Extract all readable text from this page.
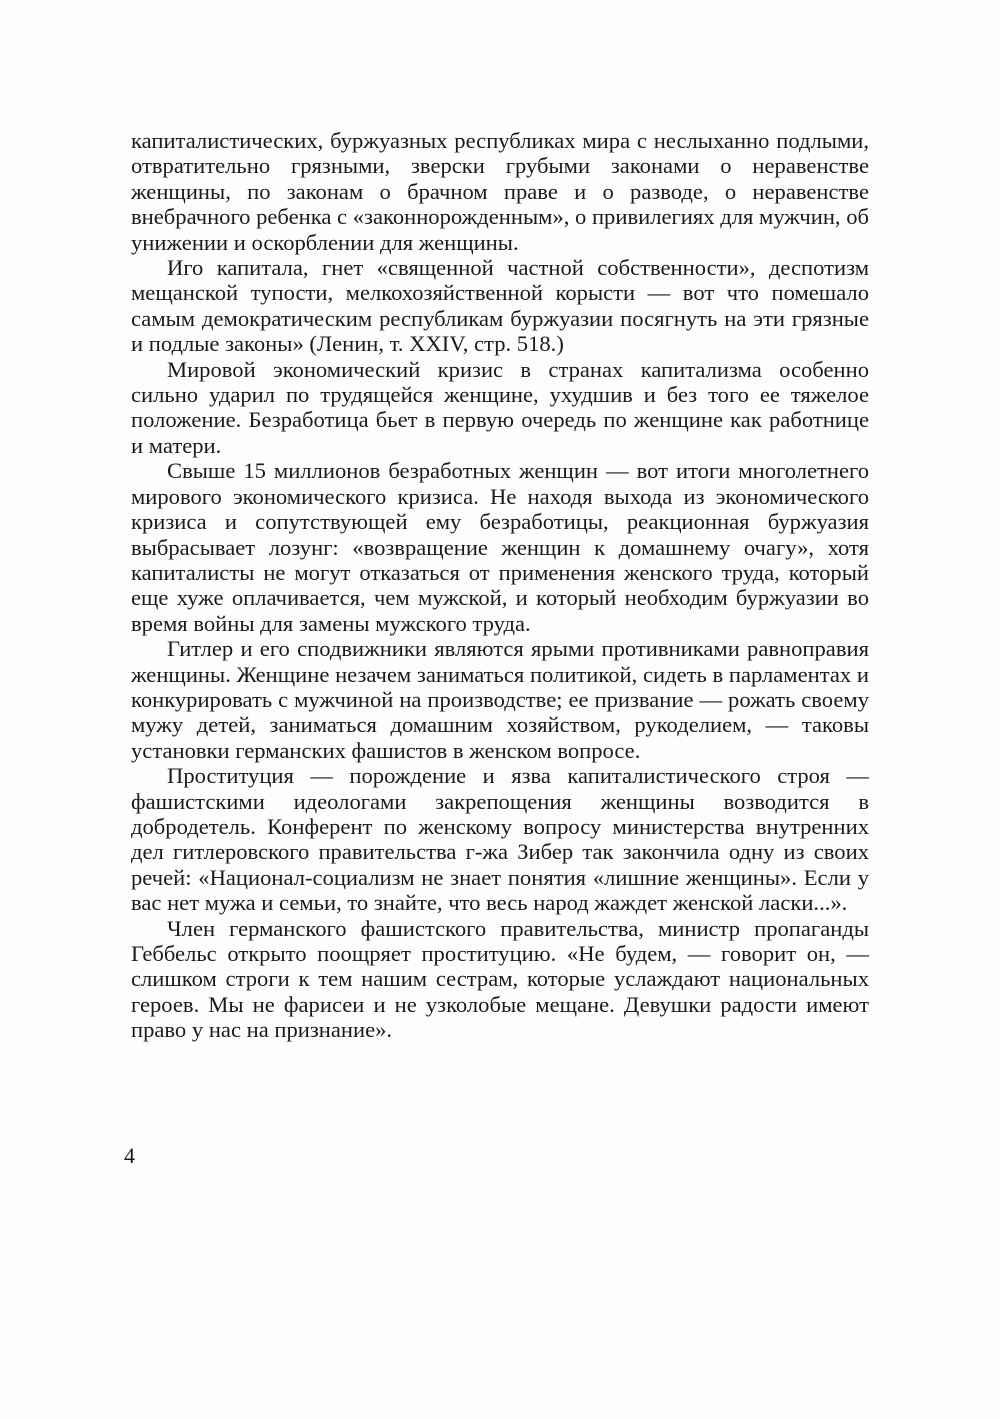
капиталистических, буржуазных республиках мира с неслыханно подлыми, отвратительно грязными, зверски грубыми законами о неравенстве женщины, по законам о брачном праве и о разводе, о неравенстве внебрачного ребенка с «законнорожденным», о привилегиях для мужчин, об унижении и оскорблении для женщины.

Иго капитала, гнет «священной частной собственности», деспотизм мещанской тупости, мелкохозяйственной корысти — вот что помешало самым демократическим республикам буржуазии посягнуть на эти грязные и подлые законы» (Ленин, т. XXIV, стр. 518.)

Мировой экономический кризис в странах капитализма особенно сильно ударил по трудящейся женщине, ухудшив и без того ее тяжелое положение. Безработица бьет в первую очередь по женщине как работнице и матери.

Свыше 15 миллионов безработных женщин — вот итоги многолетнего мирового экономического кризиса. Не находя выхода из экономического кризиса и сопутствующей ему безработицы, реакционная буржуазия выбрасывает лозунг: «возвращение женщин к домашнему очагу», хотя капиталисты не могут отказаться от применения женского труда, который еще хуже оплачивается, чем мужской, и который необходим буржуазии во время войны для замены мужского труда.

Гитлер и его сподвижники являются ярыми противниками равноправия женщины. Женщине незачем заниматься политикой, сидеть в парламентах и конкурировать с мужчиной на производстве; ее призвание — рожать своему мужу детей, заниматься домашним хозяйством, рукоделием, — таковы установки германских фашистов в женском вопросе.

Проституция — порождение и язва капиталистического строя — фашистскими идеологами закрепощения женщины возводится в добродетель. Конферент по женскому вопросу министерства внутренних дел гитлеровского правительства г-жа Зибер так закончила одну из своих речей: «Национал-социализм не знает понятия «лишние женщины». Если у вас нет мужа и семьи, то знайте, что весь народ жаждет женской ласки...».

Член германского фашистского правительства, министр пропаганды Геббельс открыто поощряет проституцию. «Не будем, — говорит он, — слишком строги к тем нашим сестрам, которые услаждают национальных героев. Мы не фарисеи и не узколобые мещане. Девушки радости имеют право у нас на признание».

4
